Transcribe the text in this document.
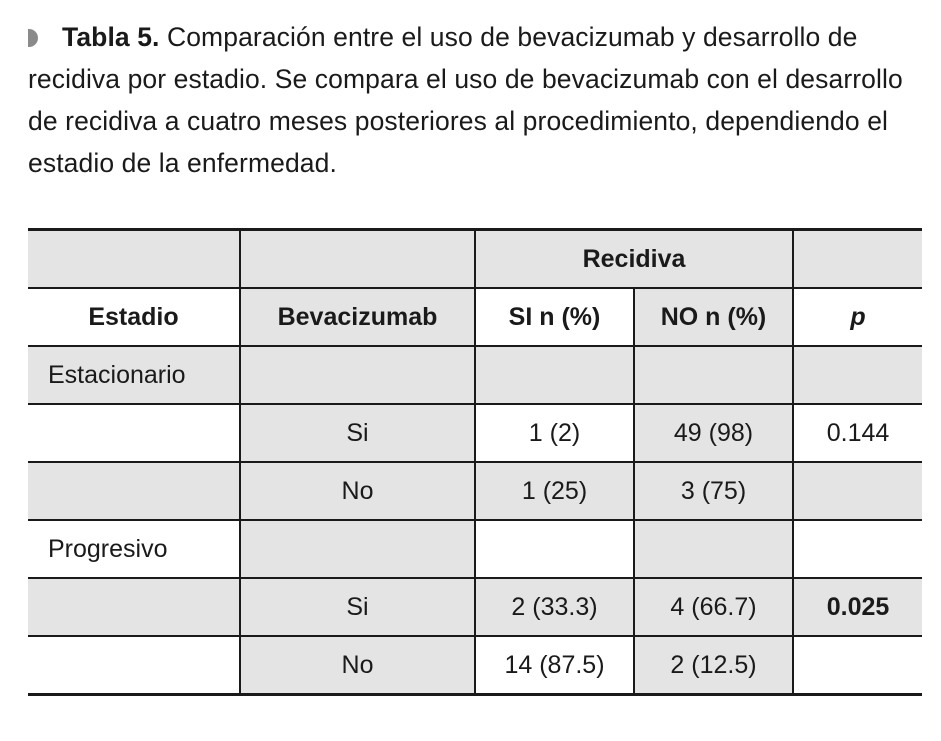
Tabla 5. Comparación entre el uso de bevacizumab y desarrollo de recidiva por estadio. Se compara el uso de bevacizumab con el desarrollo de recidiva a cuatro meses posteriores al procedimiento, dependiendo el estadio de la enfermedad.
		Recidiva		
Estadio	Bevacizumab	SI n (%)	NO n (%)	p
Estacionario				
	Si	1 (2)	49 (98)	0.144
	No	1 (25)	3 (75)	
Progresivo				
	Si	2 (33.3)	4 (66.7)	0.025
	No	14 (87.5)	2 (12.5)	
